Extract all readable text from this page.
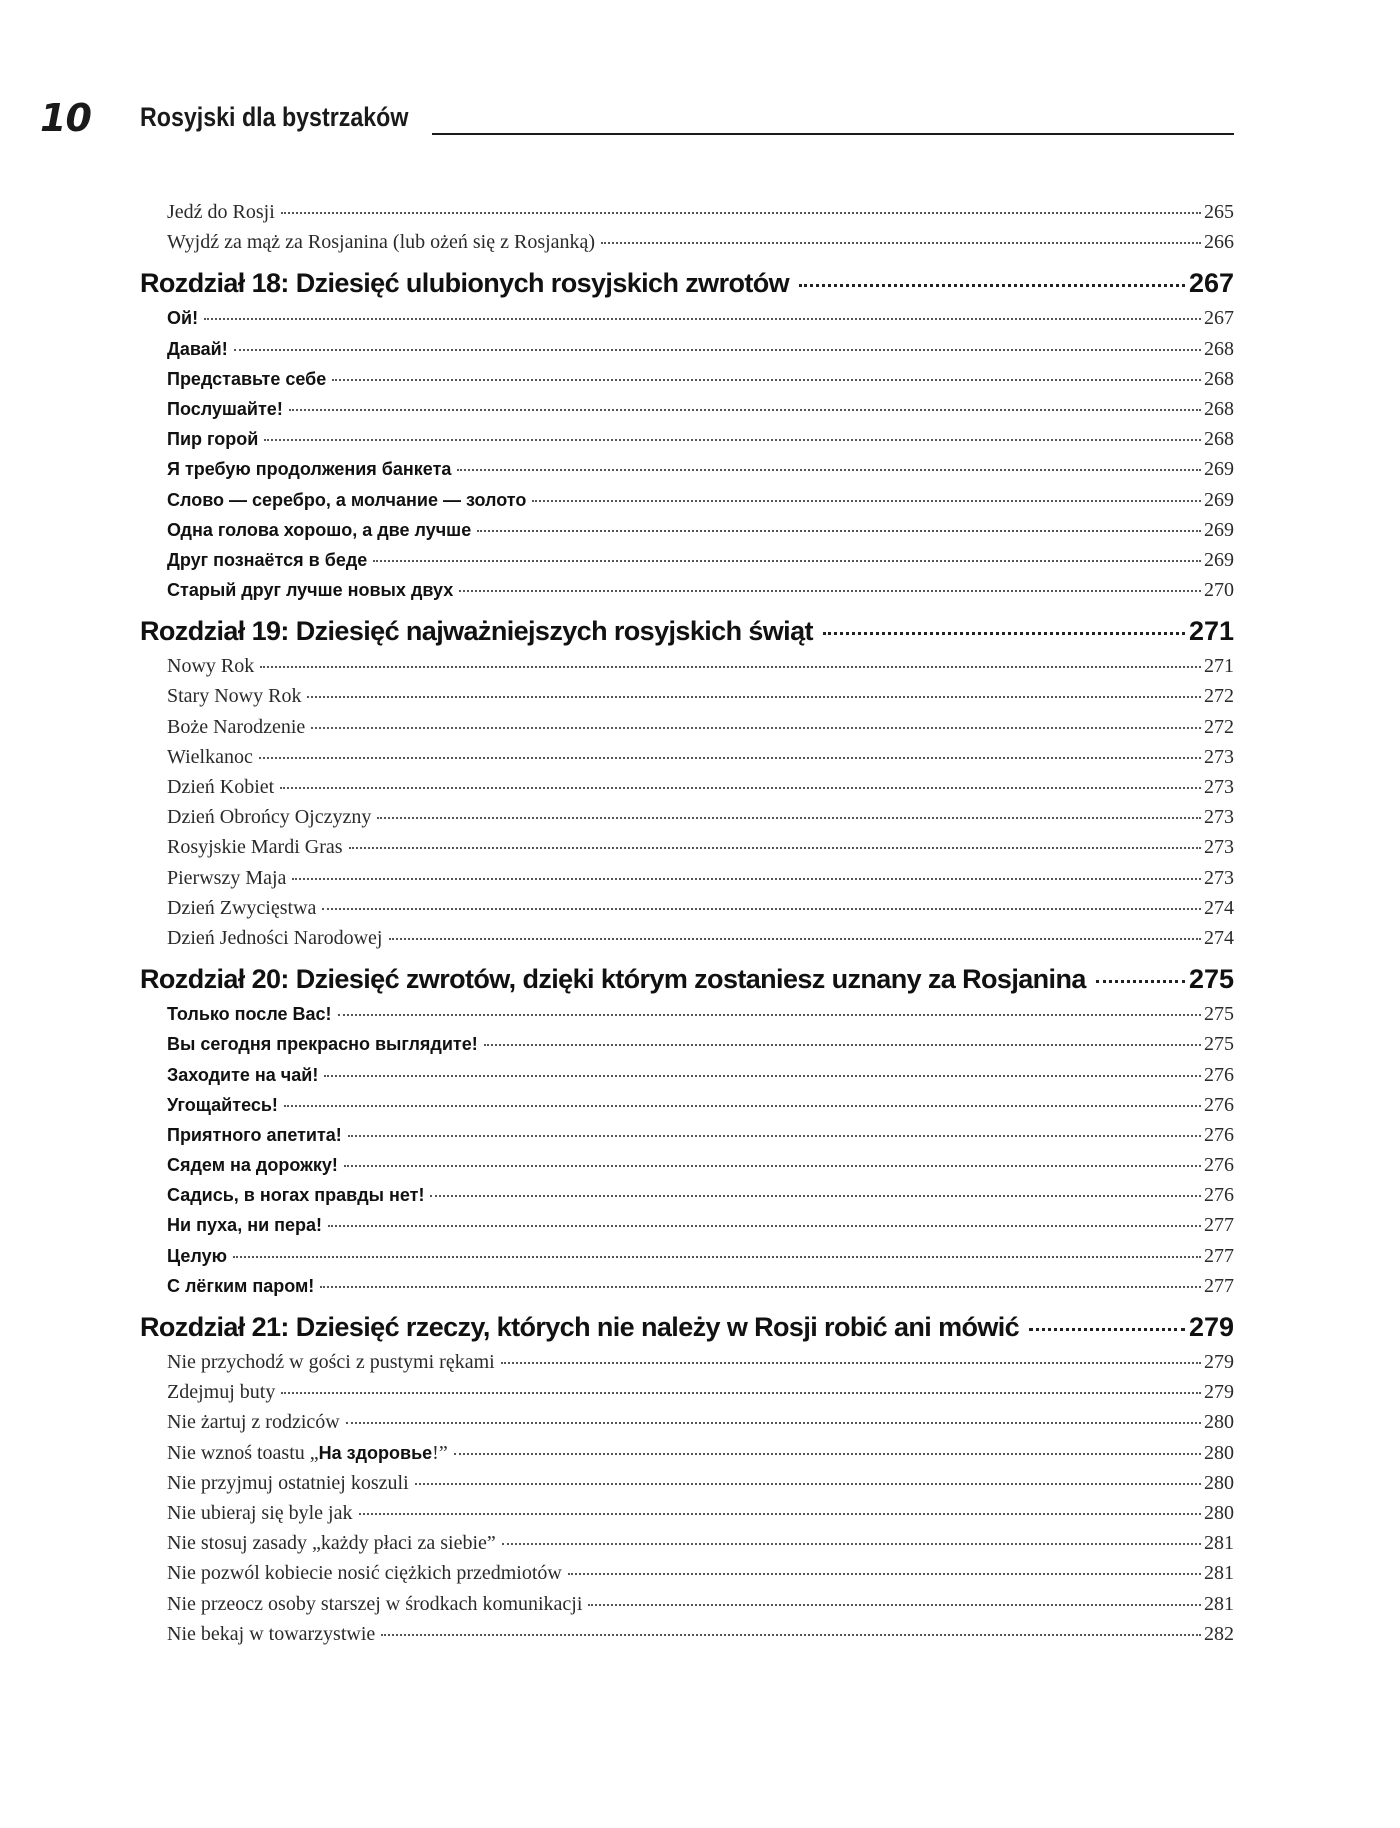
10 Rosyjski dla bystrzaków
Jedź do Rosji	265
Wyjdź za mąż za Rosjanina (lub ożeń się z Rosjanką)	266
Rozdział 18: Dziesięć ulubionych rosyjskich zwrotów	267
Ой!	267
Давай!	268
Представьте себе	268
Послушайте!	268
Пир горой	268
Я требую продолжения банкета	269
Слово — серебро, а молчание — золото	269
Одна голова хорошо, а две лучше	269
Друг познаётся в беде	269
Старый друг лучше новых двух	270
Rozdział 19: Dziesięć najważniejszych rosyjskich świąt	271
Nowy Rok	271
Stary Nowy Rok	272
Boże Narodzenie	272
Wielkanoc	273
Dzień Kobiet	273
Dzień Obrońcy Ojczyzny	273
Rosyjskie Mardi Gras	273
Pierwszy Maja	273
Dzień Zwycięstwa	274
Dzień Jedności Narodowej	274
Rozdział 20: Dziesięć zwrotów, dzięki którym zostaniesz uznany za Rosjanina	275
Только после Вас!	275
Вы сегодня прекрасно выглядите!	275
Заходите на чай!	276
Угощайтесь!	276
Приятного апетита!	276
Сядем на дорожку!	276
Садись, в ногах правды нет!	276
Ни пуха, ни пера!	277
Целую	277
С лёгким паром!	277
Rozdział 21: Dziesięć rzeczy, których nie należy w Rosji robić ani mówić	279
Nie przychodź w gości z pustymi rękami	279
Zdejmuj buty	279
Nie żartuj z rodziców	280
Nie wznoś toastu „На здоровье!”	280
Nie przyjmuj ostatniej koszuli	280
Nie ubieraj się byle jak	280
Nie stosuj zasady „każdy płaci za siebie”	281
Nie pozwól kobiecie nosić ciężkich przedmiotów	281
Nie przeocz osoby starszej w środkach komunikacji	281
Nie bekaj w towarzystwie	282
